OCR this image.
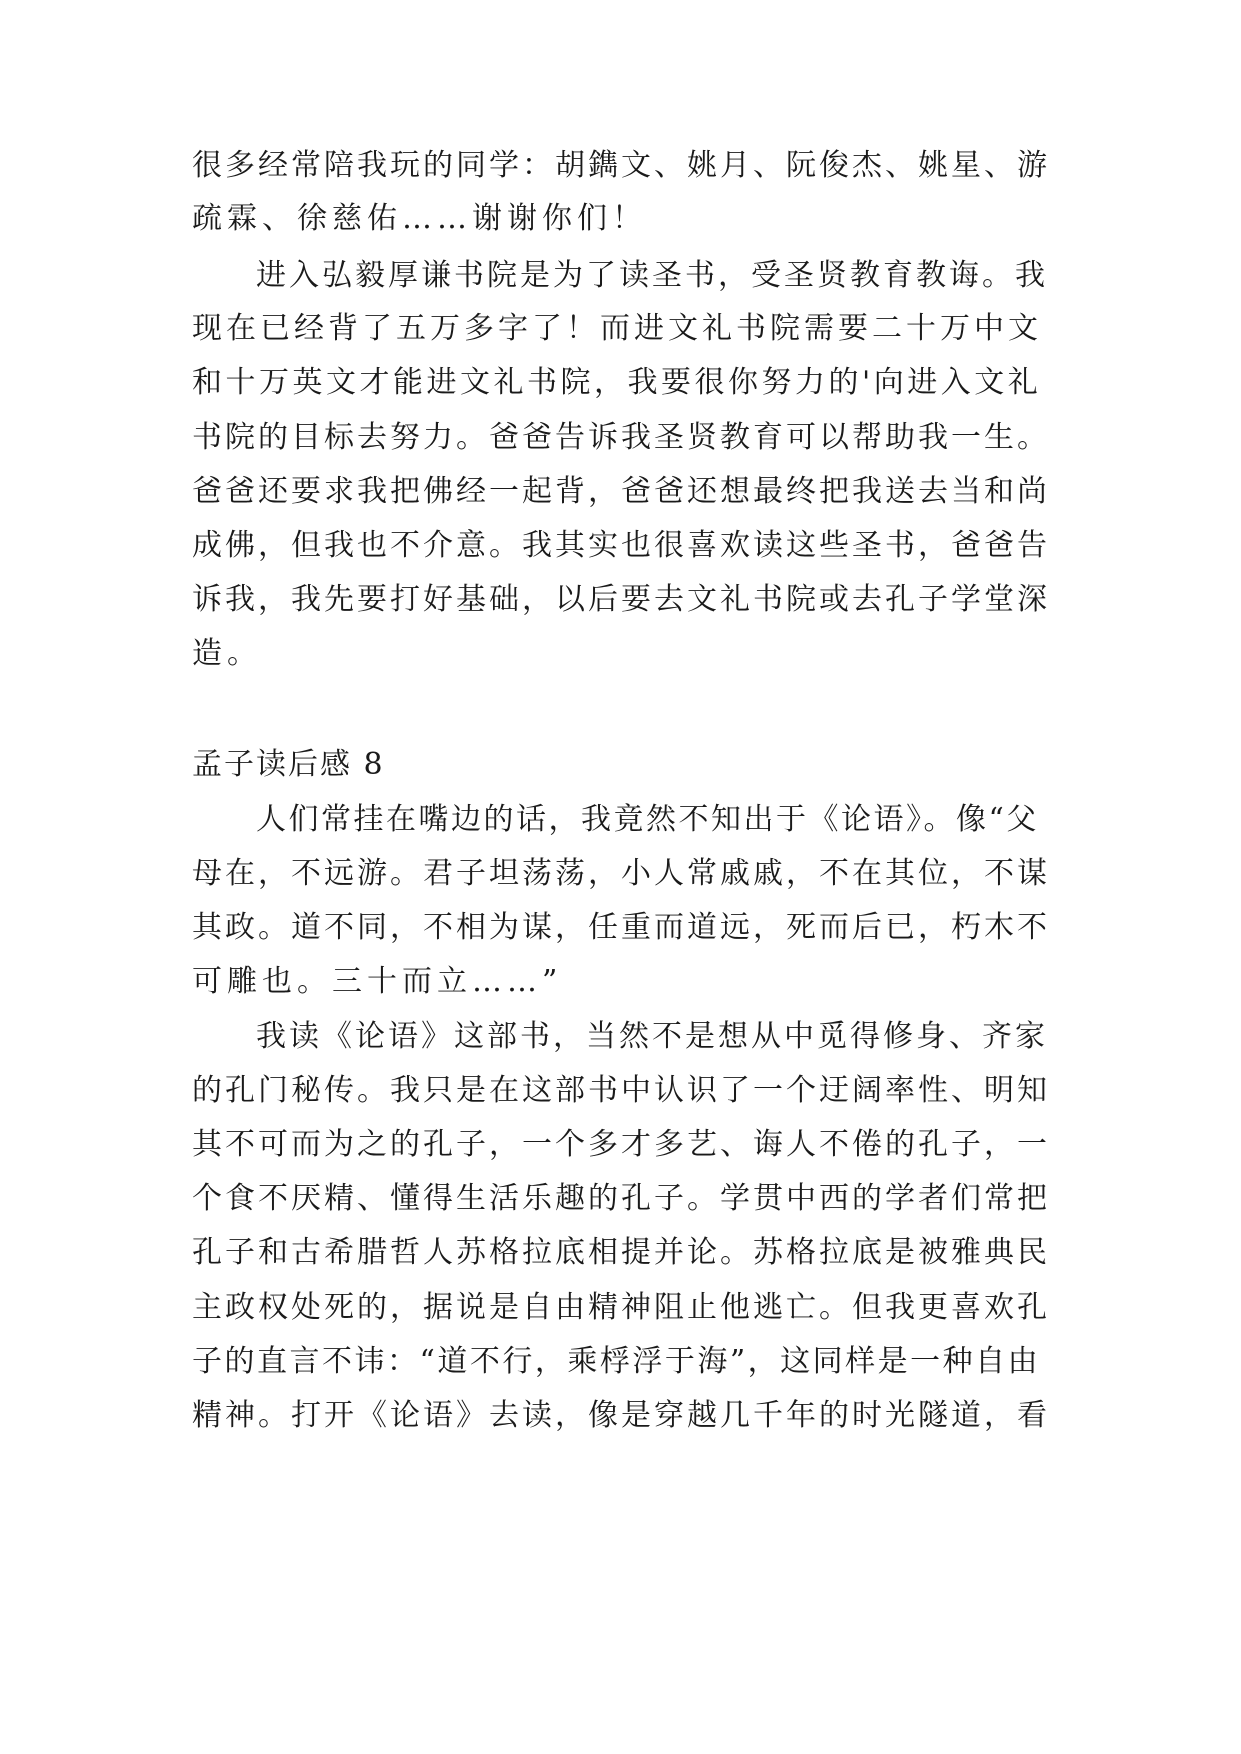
很多经常陪我玩的同学：胡鐫文、姚月、阮俊杰、姚星、游
疏霖、徐慈佑……谢谢你们！
进入弘毅厚谦书院是为了读圣书，受圣贤教育教诲。我
现在已经背了五万多字了！而进文礼书院需要二十万中文
和十万英文才能进文礼书院，我要很你努力的'向进入文礼
书院的目标去努力。爸爸告诉我圣贤教育可以帮助我一生。
爸爸还要求我把佛经一起背，爸爸还想最终把我送去当和尚
成佛，但我也不介意。我其实也很喜欢读这些圣书，爸爸告
诉我，我先要打好基础，以后要去文礼书院或去孔子学堂深
造。
孟子读后感 8
人们常挂在嘴边的话，我竟然不知出于《论语》。像“父
母在，不远游。君子坦荡荡，小人常戚戚，不在其位，不谋
其政。道不同，不相为谋，任重而道远，死而后已，朽木不
可雕也。三十而立……”
我读《论语》这部书，当然不是想从中觅得修身、齐家
的孔门秘传。我只是在这部书中认识了一个迂阔率性、明知
其不可而为之的孔子，一个多才多艺、诲人不倦的孔子，一
个食不厌精、懂得生活乐趣的孔子。学贯中西的学者们常把
孔子和古希腊哲人苏格拉底相提并论。苏格拉底是被雅典民
主政权处死的，据说是自由精神阻止他逃亡。但我更喜欢孔
子的直言不讳：“道不行，乘桴浮于海”，这同样是一种自由
精神。打开《论语》去读，像是穿越几千年的时光隧道，看
